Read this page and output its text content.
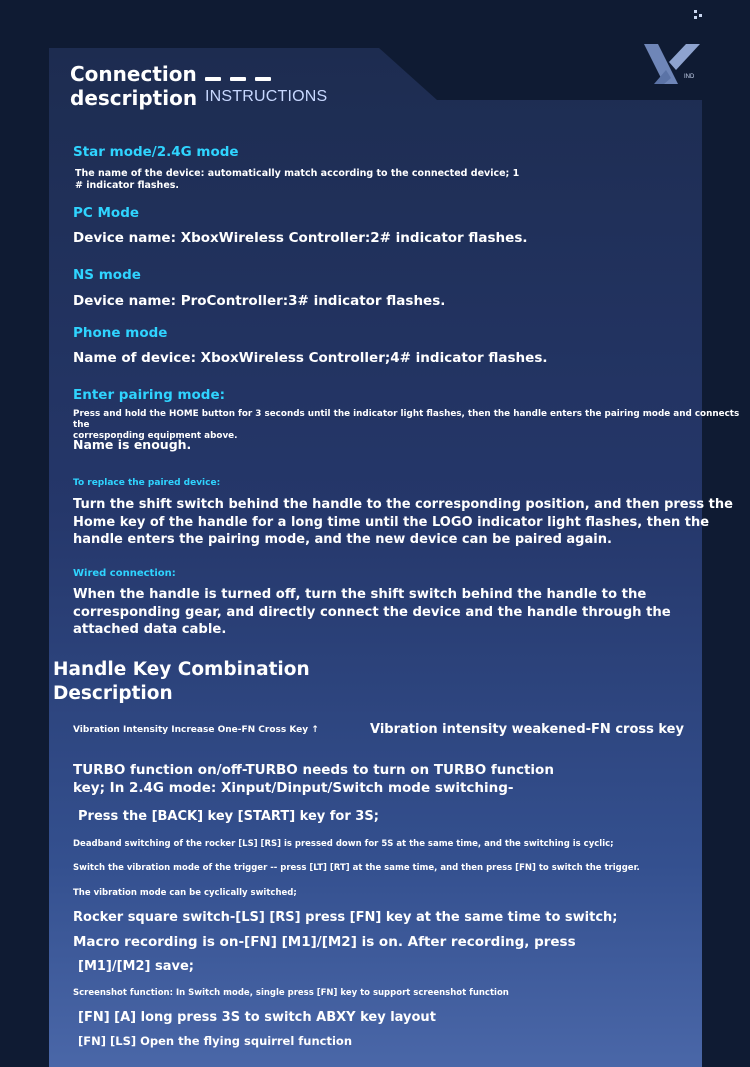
IND
Connection
description INSTRUCTIONS
Star mode/2.4G mode
The name of the device: automatically match according to the connected device; 1
# indicator flashes.
PC Mode
Device name: XboxWireless Controller:2# indicator flashes.
NS mode
Device name: ProController:3# indicator flashes.
Phone mode
Name of device: XboxWireless Controller;4# indicator flashes.
Enter pairing mode:
Press and hold the HOME button for 3 seconds until the indicator light flashes, then the handle enters the pairing mode and connects the
corresponding equipment above.
Name is enough.
To replace the paired device:
Turn the shift switch behind the handle to the corresponding position, and then press the
Home key of the handle for a long time until the LOGO indicator light flashes, then the
handle enters the pairing mode, and the new device can be paired again.
Wired connection:
When the handle is turned off, turn the shift switch behind the handle to the
corresponding gear, and directly connect the device and the handle through the
attached data cable.
Handle Key Combination
Description
Vibration Intensity Increase One-FN Cross Key ↑	Vibration intensity weakened-FN cross key
TURBO function on/off-TURBO needs to turn on TURBO function
key; In 2.4G mode: Xinput/Dinput/Switch mode switching-
Press the [BACK] key [START] key for 3S;
Deadband switching of the rocker [LS] [RS] is pressed down for 5S at the same time, and the switching is cyclic;
Switch the vibration mode of the trigger -- press [LT] [RT] at the same time, and then press [FN] to switch the trigger.
The vibration mode can be cyclically switched;
Rocker square switch-[LS] [RS] press [FN] key at the same time to switch;
Macro recording is on-[FN] [M1]/[M2] is on. After recording, press
[M1]/[M2] save;
Screenshot function: In Switch mode, single press [FN] key to support screenshot function
[FN] [A] long press 3S to switch ABXY key layout
[FN] [LS] Open the flying squirrel function
